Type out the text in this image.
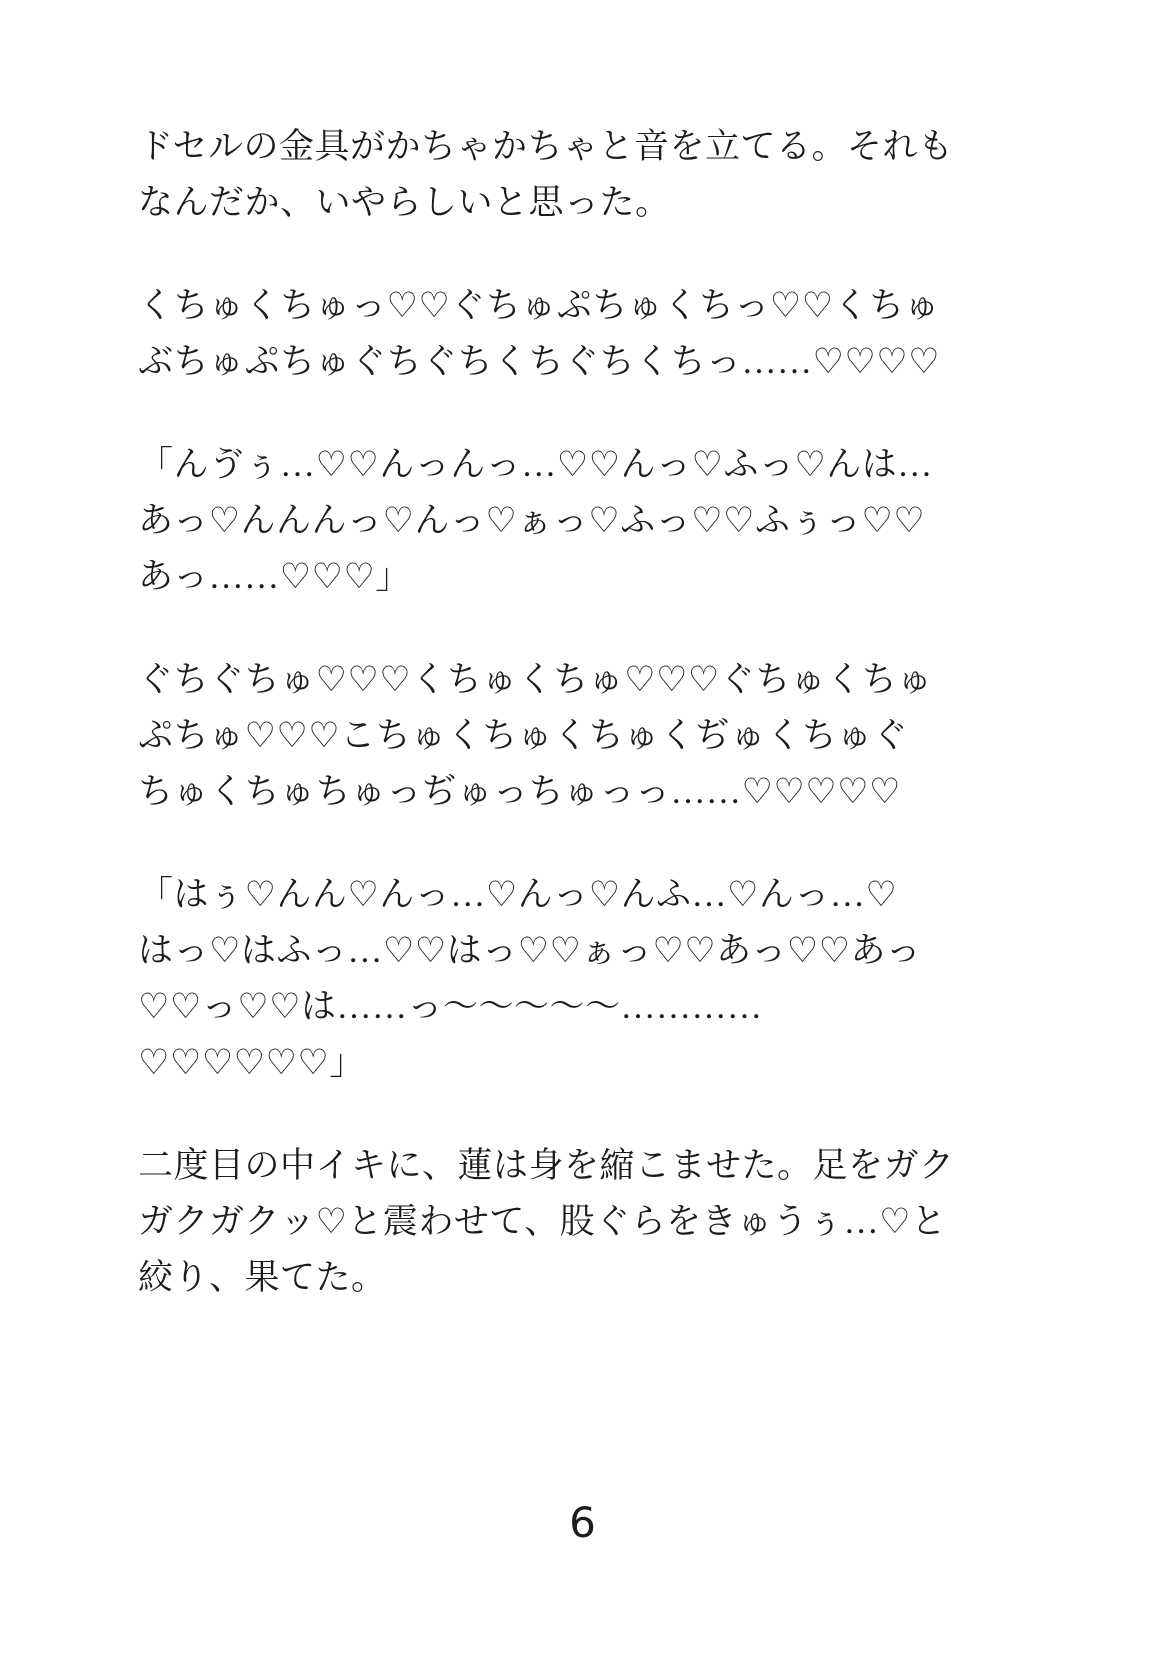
ドセルの金具がかちゃかちゃと音を立てる。それも
なんだか、いやらしいと思った。

くちゅくちゅっ♡♡ぐちゅぷちゅくちっ♡♡くちゅ
ぶちゅぷちゅぐちぐちくちぐちくちっ……♡♡♡♡

「んゔぅ…♡♡んっんっ…♡♡んっ♡ふっ♡んは…
あっ♡んんんっ♡んっ♡ぁっ♡ふっ♡♡ふぅっ♡♡
あっ……♡♡♡」

ぐちぐちゅ♡♡♡くちゅくちゅ♡♡♡ぐちゅくちゅ
ぷちゅ♡♡♡こちゅくちゅくちゅくぢゅくちゅぐ
ちゅくちゅちゅっぢゅっちゅっっ……♡♡♡♡♡

「はぅ♡んん♡んっ…♡んっ♡んふ…♡んっ…♡
はっ♡はふっ…♡♡はっ♡♡ぁっ♡♡あっ♡♡あっ
♡♡っ♡♡は……っ～～～～～…………
♡♡♡♡♡♡」

二度目の中イキに、蓮は身を縮こませた。足をガク
ガクガクッ♡と震わせて、股ぐらをきゅうぅ…♡と
絞り、果てた。

6
